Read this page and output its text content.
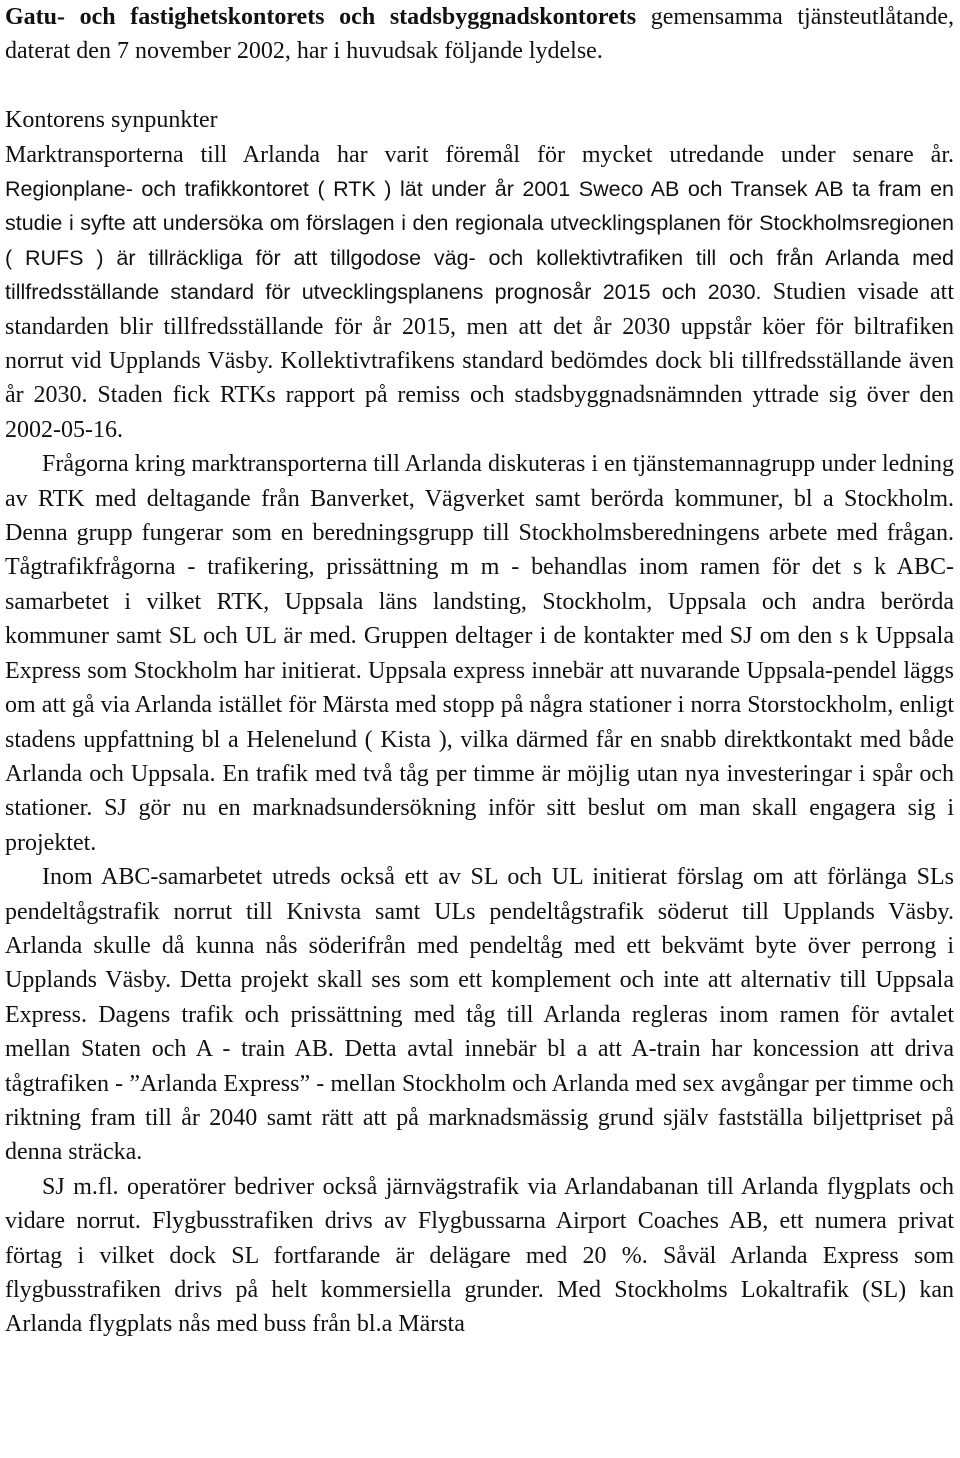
Gatu- och fastighetskontorets och stadsbyggnadskontorets gemensamma tjänsteutlåtande, daterat den 7 november 2002, har i huvudsak följande lydelse.

Kontorens synpunkter

Marktransporterna till Arlanda har varit föremål för mycket utredande under senare år. Regionplane- och trafikkontoret ( RTK ) lät under år 2001 Sweco AB och Transek AB ta fram en studie i syfte att undersöka om förslagen i den regionala utvecklingsplanen för Stockholmsregionen ( RUFS ) är tillräckliga för att tillgodose väg- och kollektivtrafiken till och från Arlanda med tillfredsställande standard för utvecklingsplanens prognosår 2015 och 2030. Studien visade att standarden blir tillfredsställande för år 2015, men att det år 2030 uppstår köer för biltrafiken norrut vid Upplands Väsby. Kollektivtrafikens standard bedömdes dock bli tillfredsställande även år 2030. Staden fick RTKs rapport på remiss och stadsbyggnadsnämnden yttrade sig över den 2002-05-16.

Frågorna kring marktransporterna till Arlanda diskuteras i en tjänstemannagrupp under ledning av RTK med deltagande från Banverket, Vägverket samt berörda kommuner, bl a Stockholm. Denna grupp fungerar som en beredningsgrupp till Stockholmsberedningens arbete med frågan. Tågtrafikfrågorna - trafikering, prissättning m m - behandlas inom ramen för det s k ABC-samarbetet i vilket RTK, Uppsala läns landsting, Stockholm, Uppsala och andra berörda kommuner samt SL och UL är med. Gruppen deltager i de kontakter med SJ om den s k Uppsala Express som Stockholm har initierat. Uppsala express innebär att nuvarande Uppsala-pendel läggs om att gå via Arlanda istället för Märsta med stopp på några stationer i norra Storstockholm, enligt stadens uppfattning bl a Helenelund ( Kista ), vilka därmed får en snabb direktkontakt med både Arlanda och Uppsala. En trafik med två tåg per timme är möjlig utan nya investeringar i spår och stationer. SJ gör nu en marknadsundersökning inför sitt beslut om man skall engagera sig i projektet.

Inom ABC-samarbetet utreds också ett av SL och UL initierat förslag om att förlänga SLs pendeltågstrafik norrut till Knivsta samt ULs pendeltågstrafik söderut till Upplands Väsby. Arlanda skulle då kunna nås söderifrån med pendeltåg med ett bekvämt byte över perrong i Upplands Väsby. Detta projekt skall ses som ett komplement och inte att alternativ till Uppsala Express. Dagens trafik och prissättning med tåg till Arlanda regleras inom ramen för avtalet mellan Staten och A - train AB. Detta avtal innebär bl a att A-train har koncession att driva tågtrafiken - ”Arlanda Express” - mellan Stockholm och Arlanda med sex avgångar per timme och riktning fram till år 2040 samt rätt att på marknadsmässig grund själv fastställa biljettpriset på denna sträcka.

SJ m.fl. operatörer bedriver också järnvägstrafik via Arlandabanan till Arlanda flygplats och vidare norrut. Flygbusstrafiken drivs av Flygbussarna Airport Coaches AB, ett numera privat förtag i vilket dock SL fortfarande är delägare med 20 %. Såväl Arlanda Express som flygbusstrafiken drivs på helt kommersiella grunder. Med Stockholms Lokaltrafik (SL) kan Arlanda flygplats nås med buss från bl.a Märsta
